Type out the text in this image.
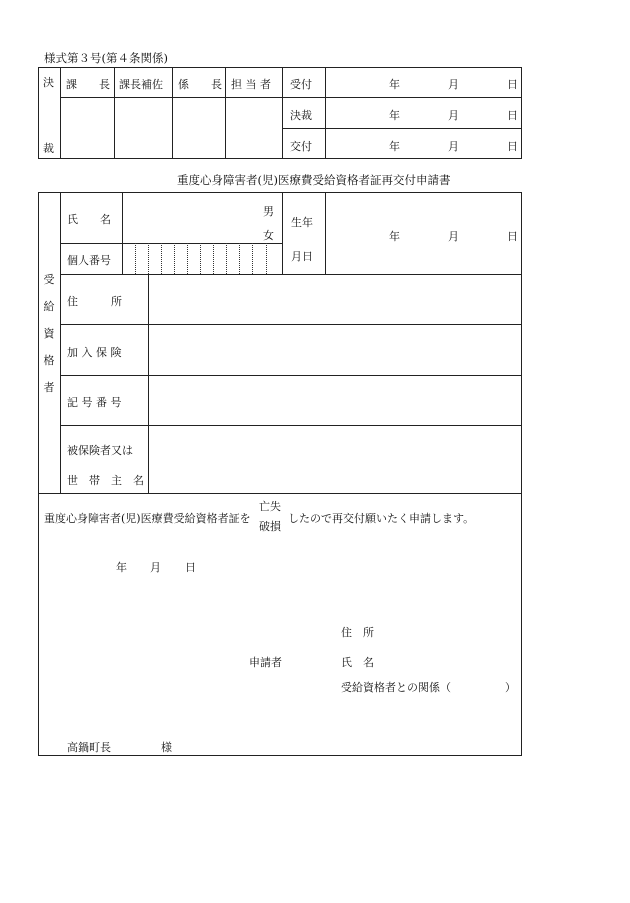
様式第３号(第４条関係)
決
裁
課　　長 課長補佐 係　　長 担 当 者 受付	年	月	日
決裁	年	月	日
交付	年	月	日
重度心身障害者(児)医療費受給資格者証再交付申請書
受
給
資
格
者
氏　　名
男
女
生年
月日
年	月	日
個人番号
住　　　所
加 入 保 険
記 号 番 号
被保険者又は
世　帯　主　名
重度心身障害者(児)医療費受給資格者証を
亡失
破損
したので再交付願いたく申請します。
年 月 日
住　所
申請者	氏　名
受給資格者との関係（	）
高鍋町長	様
